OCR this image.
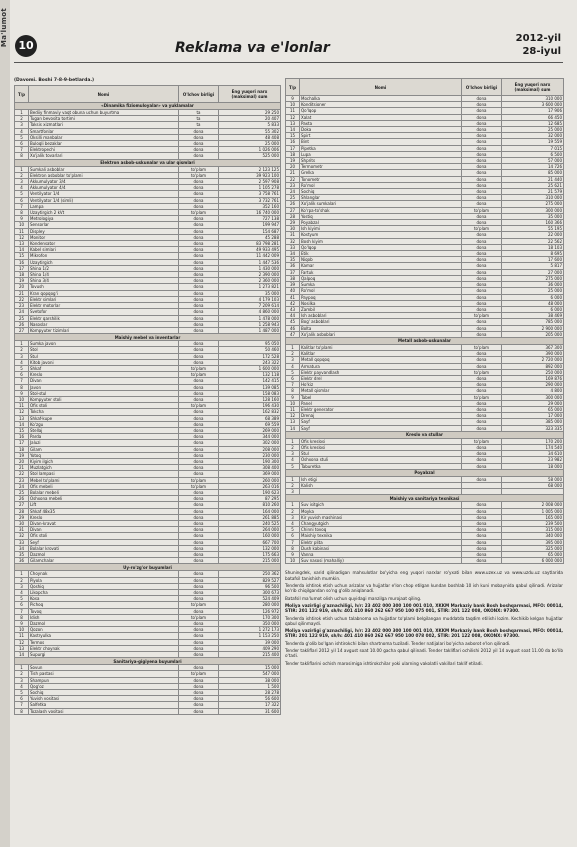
Ma'lumot 10	Reklama va e'lonlar
2012-yil
28-iyul
(Davomi. Boshi 7-8-9-betlarda.)
T/p	Nomi	O'lchov birligi	Eng yuqori narx (maksimal) sum
«Dinamika fiziomuloyalar» va yuklamalar			
1	Bediiy finmaviy vaqt obuna uchun buyurtma	ta	29 250
2	Tugan bevosita tortimi	ta	20 407
3	Taksis xizmatlari	ta	5 833
4	Smartfonlar	dona	55 302
5	Oksilli manbalar	dona	48 408
6	Buloqli bezaklar	dona	25 000
7	Elektropechi	dona	1 026 006
8	Xo'jalik tovarlari	dona	525 000
Elektron asbob-uskunalar va ular qismlari			
1	Sumkali asboblar	to'plam	2 123 125
2	Elektron asboblar to'plami	to'plam	39 923 100
3	Akkumulyator 3/4	dona	2 597 908
4	Akkumulyator 4/4	dona	1 105 278
5	Ventilyator 1/4	dona	3 758 761
6	Ventilyator 1/4 (simli)	dona	3 732 761
7	Lampa	dona	352 160
8	Uzaytirgich 2 kVt	to'plam	16 740 000
9	Metrologiya	dona	727 138
10	Sensorlar	dona	199 947
11	Displey	dona	154 687
12	Monitor	dona	45 288
13	Kondensator	dona	83 798 281
14	Kabel simlari	dona	49 933 495
15	Mikrofon	dona	11 442 009
16	Uzaytirgich	dona	1 447 536
17	Shina 1/2	dona	1 430 000
18	Shina 1/4	dona	2 390 000
19	Shina 3/4	dona	2 360 000
20	Tovush	dona	1 273 821
21	Kran qopqog'i	dona	35 000
22	Elektr simlari	dona	4 179 103
23	Elektr motorlar	dona	7 209 614
24	Svetofor	dona	4 860 000
25	Elektr qarshilik	dona	1 478 000
26	Nasoslar	dona	1 258 943
27	Kompyuter tizimlari	dona	1 487 000
Maishiy mebel va inventarlar			
1	Sumka javon	dona	95 050
2	Stol	dona	50 460
3	Stul	dona	172 528
4	Kitob javoni	dona	243 322
5	Shkaf	to'plam	1 600 000
6	Kreslo	to'plam	132 118
7	Divan	dona	142 415
8	Javon	dona	139 085
9	Stol-stul	dona	158 083
10	Kompyuter stoli	dona	128 160
11	Ofis stoli	to'plam	196 430
12	Tokcha	dona	162 832
13	Shkaf-kupe	dona	68 389
14	Ko'zgu	dona	69 559
15	Stellaj	dona	269 000
16	Parda	dona	344 000
17	Jaluzi	dona	302 000
18	Gilam	dona	208 000
19	Yotoq	dona	230 000
20	Kiyim ilgich	dona	190 300
21	Muzlatgich	dona	308 400
22	Stol lampasi	dona	369 000
23	Mebel to'plami	to'plam	260 000
24	Ofis mebeli	to'plam	263 016
25	Bolalar mebeli	dona	190 623
26	Oshxona mebeli	dona	87 295
27	Lift	dona	810 260
28	Shkaf 48x35	dona	164 000
29	Kreslo	dona	261 885
30	Divan-kravat	dona	240 525
31	Divan	dona	264 000
32	Ofis stoli	dona	160 000
33	Seyf	dona	667 700
34	Bolalar krovati	dona	132 000
35	Dazmol	dona	175 663
36	Gilamchalar	dona	215 000
Uy-ro'zg'or buyumlari			
1	Choynak	dona	250 362
2	Piyola	dona	829 527
3	Qoshiq	dona	96 500
4	Likopcha	dona	300 673
5	Kosa	dona	524 409
6	Pichoq	to'plam	280 000
7	Tovoq	dona	126 972
8	Idish	to'plam	170 300
9	Dazmol	dona	350 000
10	Qozon	dona	1 272 173
11	Kastryulka	dona	1 153 250
12	Termos	dona	39 000
13	Elektr choynak	dona	409 290
14	Supurgi	dona	215 400
Sanitariya-gigiyena buyumlari			
1	Sovun	dona	15 000
2	Tish pastasi	to'plam	547 000
3	Shampun	dona	38 000
4	Qog'oz	dona	1 500
5	Sochiq	dona	28 278
6	Yuvish vositasi	dona	56 600
7	Salfetka	dona	17 322
8	Tozalash vositasi	dona	31 600
T/p	Nomi	O'lchov birligi	Eng yuqori narx (maksimal) sum
9	Mochalka	dona	310 000
10	Konditsioner	dona	3 600 000
11	Qo'lqop	dona	17 906
12	Xalat	dona	66 450
13	Paxta	dona	12 685
14	Doka	dona	25 000
15	Spirt	dona	32 000
16	Bint	dona	19 559
17	Pipetka	dona	7 015
18	Lupa	dona	6 500
19	Shprits	dona	57 000
20	Termometr	dona	14 726
21	Grelka	dona	85 000
22	Tonometr	dona	21 440
23	Ro'mol	dona	25 621
24	Sochiq	dona	21 579
25	Shlanglar	dona	310 000
26	Xo'jalik sumkalari	dona	275 000
27	Ko'rpa-to'shak	to'plam	300 000
28	Yostiq	dona	35 000
29	Poyabzal	dona	160 366
30	Ish kiyimi	to'plam	55 195
31	Kostyum	dona	22 000
32	Bosh kiyim	dona	22 562
33	Qo'lqop	dona	18 103
34	Etik	dona	8 695
35	Niqob	dona	17 600
36	Kamar	dona	5 817
37	Fartuk	dona	27 000
38	Qalpoq	dona	275 000
39	Sumka	dona	36 000
40	Ro'mol	dona	25 000
41	Paypoq	dona	6 000
42	Nosilka	dona	48 000
43	Zambil	dona	6 000
44	Ish asboblari	to'plam	38 469
45	Bog' asboblari	dona	785 000
46	Bolta	dona	2 900 000
47	Xo'jalik asboblari	dona	205 000
Metall asbob-uskunalar			
1	Kalitlar to'plami	to'plam	367 300
2	Kalitlar	dona	390 000
3	Metall qopqoq	dona	2 720 000
4	Armatura	dona	892 000
5	Elektr payvandlash	to'plam	250 000
6	Elektr drel	dona	169 876
7	Ho'kiz	dona	290 000
8	Metall qismlar	dona	4 800
9	Tabel	to'plam	300 000
10	Panel	dona	29 000
11	Elektr generator	dona	65 000
12	Drenaj	dona	17 000
13	Sayf	dona	385 000
14	Sayf	dona	323 335
Kreslo va stullar			
1	Ofis kreslosi	to'plam	170 200
2	Ofis kreslosi	dona	174 540
3	Stul	dona	34 610
4	Oshxona stuli	dona	23 982
5	Taburetka	dona	18 000
Poyabzal			
1	Ish etigi	dona	58 000
2	Kalish		68 000
3			
Maishiy va sanitariya texnikasi			
1	Suv isitgich	dona	2 008 000
2	Moyka	dona	1 005 000
3	Kir yuvish mashinasi	dona	165 000
4	Changyutgich	dona	239 500
5	Chinni tovoq	dona	315 000
6	Maishiy texnika	dona	340 000
7	Elektr plita	dona	395 000
8	Dush kabinasi	dona	325 000
9	Vanna	dona	65 000
10	Suv nasosi (mahalliy)	dona	6 000 000

Shuningdek, xarid qilinadigan mahsulotlar bo'yicha eng yuqori narxlar ro'yxati bilan www.uzex.uz va www.uzdu.uz saytlarida batafsil tanishish mumkin.

Tenderda ishtirok etish uchun arizalar va hujjatlar e'lon chop etilgan kundan boshlab 10 ish kuni mobaynida qabul qilinadi. Arizalar ko'rib chiqilgandan so'ng g'olib aniqlanadi.

Batafsil ma'lumot olish uchun quyidagi manzilga murojaat qiling.

Moliya vazirligi g'aznachiligi, h/r: 23 402 000 300 100 001 010, XKKM Markaziy bank Bosh boshqarmasi, MFO: 00014, STIR: 201 122 919, sh/h: 401 410 860 262 667 950 100 075 001, STIR: 201 122 008, OKONX: 97300.

Tenderda ishtirok etish uchun talabnoma va hujjatlar to'plami belgilangan muddatda taqdim etilishi lozim. Kechikib kelgan hujjatlar qabul qilinmaydi.

Moliya vazirligi g'aznachiligi, h/r: 23 402 000 300 100 001 010, XKKM Markaziy bank Bosh boshqarmasi, MFO: 00014, STIR: 201 122 919, sh/h: 401 410 860 262 667 950 100 078 002, STIR: 201 122 008, OKONX: 97300.

Tenderda g'olib bo'lgan ishtirokchi bilan shartnoma tuziladi. Tender natijalari bo'yicha axborot e'lon qilinadi.

Tender takliflari 2012 yil 14 avgust soat 10.00 gacha qabul qilinadi. Tender takliflari ochilishi 2012 yil 14 avgust soat 11.00 da bo'lib o'tadi.

Tender takliflarini ochish marosimiga ishtirokchilar yoki ularning vakolatli vakillari taklif etiladi.
